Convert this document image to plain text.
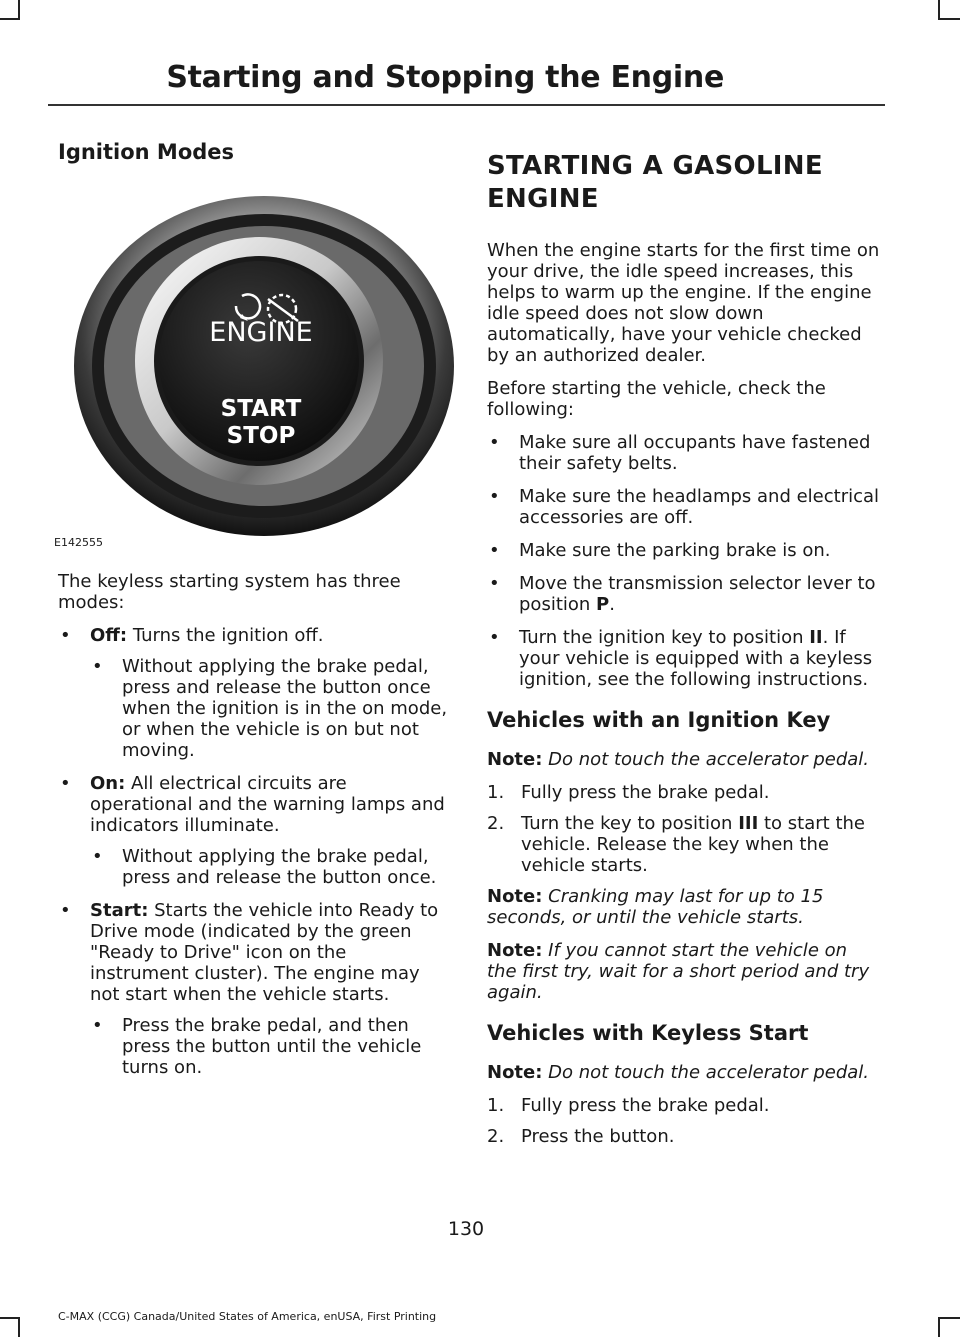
Starting and Stopping the Engine
Ignition Modes
ENGINE
START
STOP
E142555

The keyless starting system has three modes:

• Off: Turns the ignition off.
• Without applying the brake pedal, press and release the button once when the ignition is in the on mode, or when the vehicle is on but not moving.
• On: All electrical circuits are operational and the warning lamps and indicators illuminate.
• Without applying the brake pedal, press and release the button once.
• Start: Starts the vehicle into Ready to Drive mode (indicated by the green "Ready to Drive" icon on the instrument cluster). The engine may not start when the vehicle starts.
• Press the brake pedal, and then press the button until the vehicle turns on.
STARTING A GASOLINE ENGINE

When the engine starts for the first time on your drive, the idle speed increases, this helps to warm up the engine. If the engine idle speed does not slow down automatically, have your vehicle checked by an authorized dealer.

Before starting the vehicle, check the following:

• Make sure all occupants have fastened their safety belts.
• Make sure the headlamps and electrical accessories are off.
• Make sure the parking brake is on.
• Move the transmission selector lever to position P.
• Turn the ignition key to position II. If your vehicle is equipped with a keyless ignition, see the following instructions.
Vehicles with an Ignition Key

Note: Do not touch the accelerator pedal.

1. Fully press the brake pedal.
2. Turn the key to position III to start the vehicle. Release the key when the vehicle starts.

Note: Cranking may last for up to 15 seconds, or until the vehicle starts.

Note: If you cannot start the vehicle on the first try, wait for a short period and try again.

Vehicles with Keyless Start

Note: Do not touch the accelerator pedal.

1. Fully press the brake pedal.
2. Press the button.
130
C-MAX (CCG) Canada/United States of America, enUSA, First Printing
